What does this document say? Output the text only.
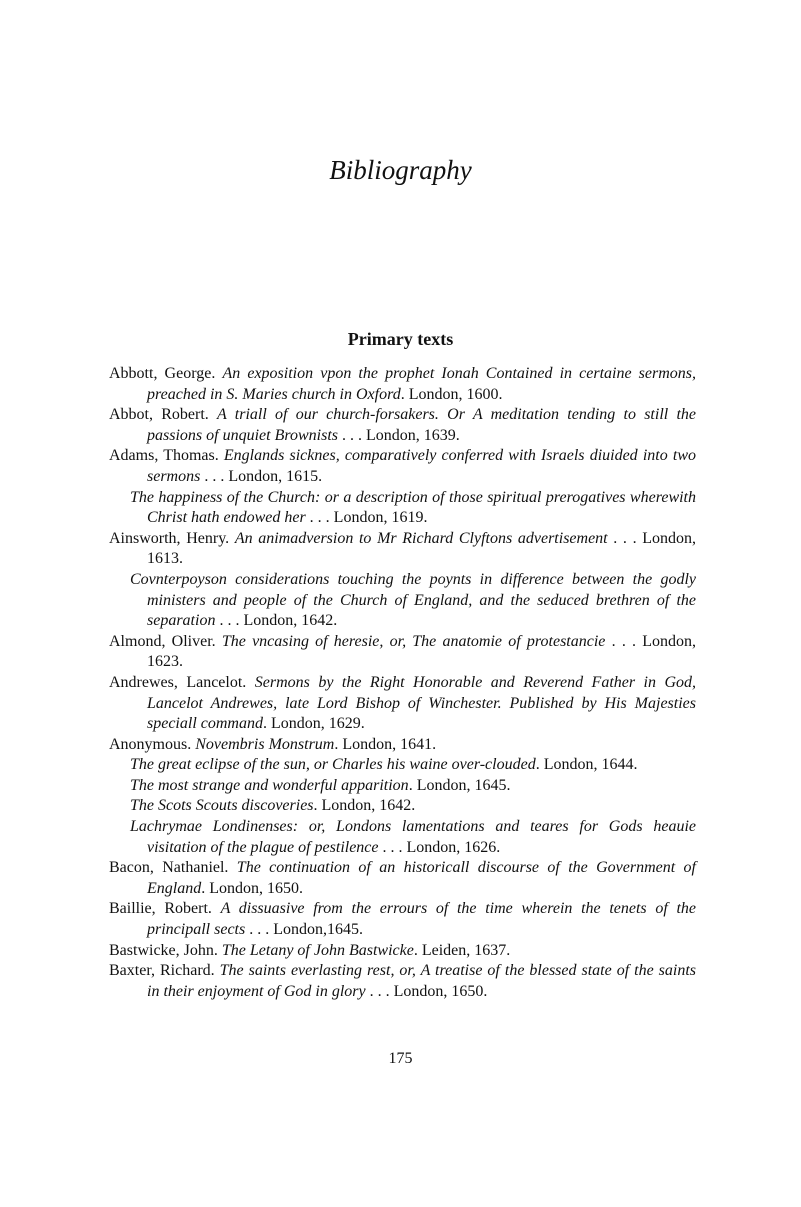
Bibliography
Primary texts
Abbott, George. An exposition vpon the prophet Ionah Contained in certaine sermons, preached in S. Maries church in Oxford. London, 1600.
Abbot, Robert. A triall of our church-forsakers. Or A meditation tending to still the passions of unquiet Brownists . . . London, 1639.
Adams, Thomas. Englands sicknes, comparatively conferred with Israels diuided into two sermons . . . London, 1615.
The happiness of the Church: or a description of those spiritual prerogatives wherewith Christ hath endowed her . . . London, 1619.
Ainsworth, Henry. An animadversion to Mr Richard Clyftons advertisement . . . London, 1613.
Covnterpoyson considerations touching the poynts in difference between the godly ministers and people of the Church of England, and the seduced brethren of the separation . . . London, 1642.
Almond, Oliver. The vncasing of heresie, or, The anatomie of protestancie . . . London, 1623.
Andrewes, Lancelot. Sermons by the Right Honorable and Reverend Father in God, Lancelot Andrewes, late Lord Bishop of Winchester. Published by His Majesties speciall command. London, 1629.
Anonymous. Novembris Monstrum. London, 1641.
The great eclipse of the sun, or Charles his waine over-clouded. London, 1644.
The most strange and wonderful apparition. London, 1645.
The Scots Scouts discoveries. London, 1642.
Lachrymae Londinenses: or, Londons lamentations and teares for Gods heauie visitation of the plague of pestilence . . . London, 1626.
Bacon, Nathaniel. The continuation of an historicall discourse of the Government of England. London, 1650.
Baillie, Robert. A dissuasive from the errours of the time wherein the tenets of the principall sects . . . London,1645.
Bastwicke, John. The Letany of John Bastwicke. Leiden, 1637.
Baxter, Richard. The saints everlasting rest, or, A treatise of the blessed state of the saints in their enjoyment of God in glory . . . London, 1650.
175
